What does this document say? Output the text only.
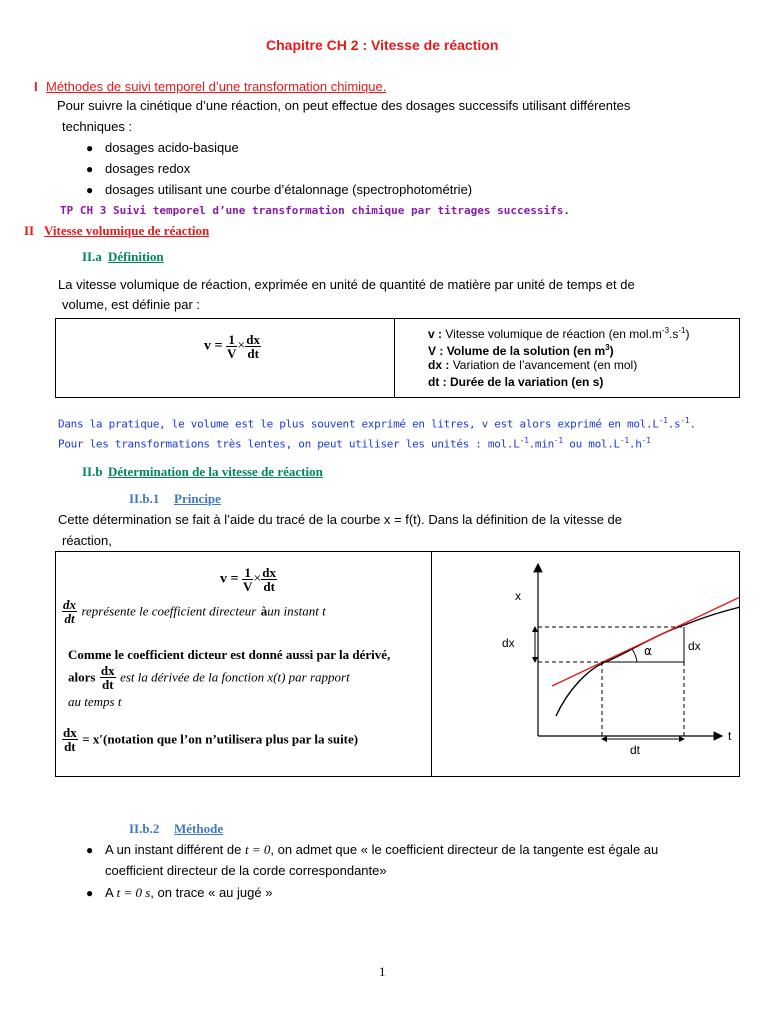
Chapitre CH 2 : Vitesse de réaction
I Méthodes de suivi temporel d’une transformation chimique.
Pour suivre la cinétique d’une réaction, on peut effectue des dosages successifs utilisant différentes
techniques :
● dosages acido-basique
● dosages redox
● dosages utilisant une courbe d’étalonnage (spectrophotométrie)
TP CH 3 Suivi temporel d’une transformation chimique par titrages successifs.
II Vitesse volumique de réaction
II.a Définition
La vitesse volumique de réaction, exprimée en unité de quantité de matière par unité de temps et de
volume, est définie par :
$v = \frac{1}{V} \times \frac{dx}{dt}$	v : Vitesse volumique de réaction (en $mol.m^{-3}.s^{-1}$)
V : Volume de la solution (en $m^3$)
dx : Variation de l’avancement (en mol)
dt : Durée de la variation (en s)
Dans la pratique, le volume est le plus souvent exprimé en litres, v est alors exprimé en $mol.L^{-1}.s^{-1}$.
Pour les transformations très lentes, on peut utiliser les unités : $mol.L^{-1}.\min^{-1}$ ou $mol.L^{-1}.h^{-1}$
II.b Détermination de la vitesse de réaction
II.b.1 Principe
Cette détermination se fait à l’aide du tracé de la courbe x = f(t). Dans la définition de la vitesse de
réaction,
$v = \frac{1}{V} \times \frac{dx}{dt}$
$\frac{dx}{dt}$ représente le coefficient directeur àun instant t
Comme le coefficient dicteur est donné aussi par la dérivé,
alors $\frac{dx}{dt}$ est la dérivée de la fonction x(t) par rapport
au temps t
$\frac{dx}{dt}$ = x′(notation que l’on n’utilisera plus par la suite)
x
t
dx	dx
dt
α
II.b.2 Méthode
● A un instant différent de t = 0, on admet que « le coefficient directeur de la tangente est égale au
coefficient directeur de la corde correspondante»
● A t = 0 s, on trace « au jugé »
1
